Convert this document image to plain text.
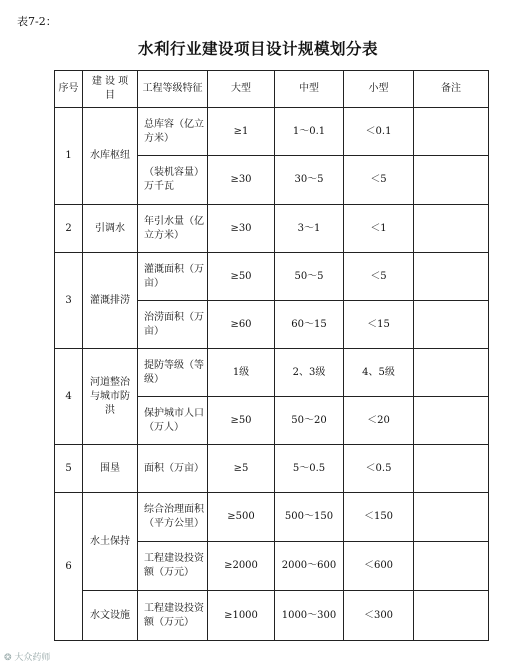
表7-2：
水利行业建设项目设计规模划分表
序号	建 设 项 目	工程等级特征	大型	中型	小型	备注
1	水库枢纽	总库容（亿立方米）	≥1	1～0.1	＜0.1	
		（装机容量）万千瓦	≥30	30～5	＜5	
2	引调水	年引水量（亿立方米）	≥30	3～1	＜1	
3	灌溉排涝	灌溉面积（万亩）	≥50	50～5	＜5	
		治涝面积（万亩）	≥60	60～15	＜15	
4	河道整治与城市防洪	提防等级（等级）	1级	2、3级	4、5级	
		保护城市人口（万人）	≥50	50～20	＜20	
5	围垦	面积（万亩）	≥5	5～0.5	＜0.5	
6	水土保持	综合治理面积（平方公里）	≥500	500～150	＜150	
		工程建设投资额（万元）	≥2000	2000～600	＜600	
	水文设施	工程建设投资额（万元）	≥1000	1000～300	＜300	
❂ 大众药师
